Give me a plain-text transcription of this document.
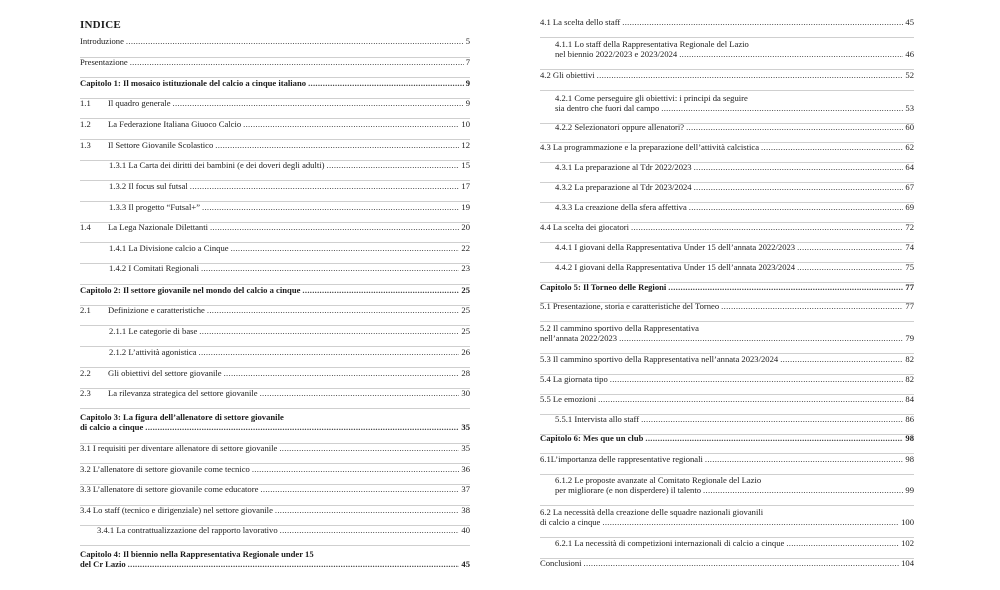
INDICE
Introduzione .....	5
Presentazione .....	7
Capitolo 1: Il mosaico istituzionale del calcio a cinque italiano .....	9
1.1	Il quadro generale .....	9
1.2	La Federazione Italiana Giuoco Calcio .....	10
1.3	Il Settore Giovanile Scolastico .....	12
1.3.1 La Carta dei diritti dei bambini (e dei doveri degli adulti) .....	15
1.3.2 Il focus sul futsal .....	17
1.3.3 Il progetto “Futsal+” .....	19
1.4	La Lega Nazionale Dilettanti .....	20
1.4.1 La Divisione calcio a Cinque .....	22
1.4.2 I Comitati Regionali .....	23
Capitolo 2: Il settore giovanile nel mondo del calcio a cinque .....	25
2.1	Definizione e caratteristiche .....	25
2.1.1 Le categorie di base .....	25
2.1.2 L’attività agonistica .....	26
2.2	Gli obiettivi del settore giovanile .....	28
2.3	La rilevanza strategica del settore giovanile .....	30
Capitolo 3: La figura dell’allenatore di settore giovanile
di calcio a cinque .....	35
3.1 I requisiti per diventare allenatore di settore giovanile .....	35
3.2 L’allenatore di settore giovanile come tecnico .....	36
3.3 L’allenatore di settore giovanile come educatore .....	37
3.4 Lo staff (tecnico e dirigenziale) nel settore giovanile .....	38
3.4.1 La contrattualizzazione del rapporto lavorativo .....	40
Capitolo 4: Il biennio nella Rappresentativa Regionale under 15
del Cr Lazio .....	45
4.1 La scelta dello staff .....	45
4.1.1 Lo staff della Rappresentativa Regionale del Lazio
nel biennio 2022/2023 e 2023/2024 .....	46
4.2 Gli obiettivi .....	52
4.2.1 Come perseguire gli obiettivi: i principi da seguire
sia dentro che fuori dal campo .....	53
4.2.2 Selezionatori oppure allenatori? .....	60
4.3 La programmazione e la preparazione dell’attività calcistica .....	62
4.3.1 La preparazione al Tdr 2022/2023 .....	64
4.3.2 La preparazione al Tdr 2023/2024 .....	67
4.3.3 La creazione della sfera affettiva .....	69
4.4 La scelta dei giocatori .....	72
4.4.1 I giovani della Rappresentativa Under 15 dell’annata 2022/2023 .....	74
4.4.2 I giovani della Rappresentativa Under 15 dell’annata 2023/2024 .....	75
Capitolo 5: Il Torneo delle Regioni .....	77
5.1 Presentazione, storia e caratteristiche del Torneo .....	77
5.2 Il cammino sportivo della Rappresentativa
nell’annata 2022/2023 .....	79
5.3 Il cammino sportivo della Rappresentativa nell’annata 2023/2024 .....	82
5.4 La giornata tipo .....	82
5.5 Le emozioni .....	84
5.5.1 Intervista allo staff .....	86
Capitolo 6: Mes que un club .....	98
6.1L’importanza delle rappresentative regionali .....	98
6.1.2 Le proposte avanzate al Comitato Regionale del Lazio
per migliorare (e non disperdere) il talento .....	99
6.2 La necessità della creazione delle squadre nazionali giovanili
di calcio a cinque .....	100
6.2.1 La necessità di competizioni internazionali di calcio a cinque .....	102
Conclusioni .....	104
